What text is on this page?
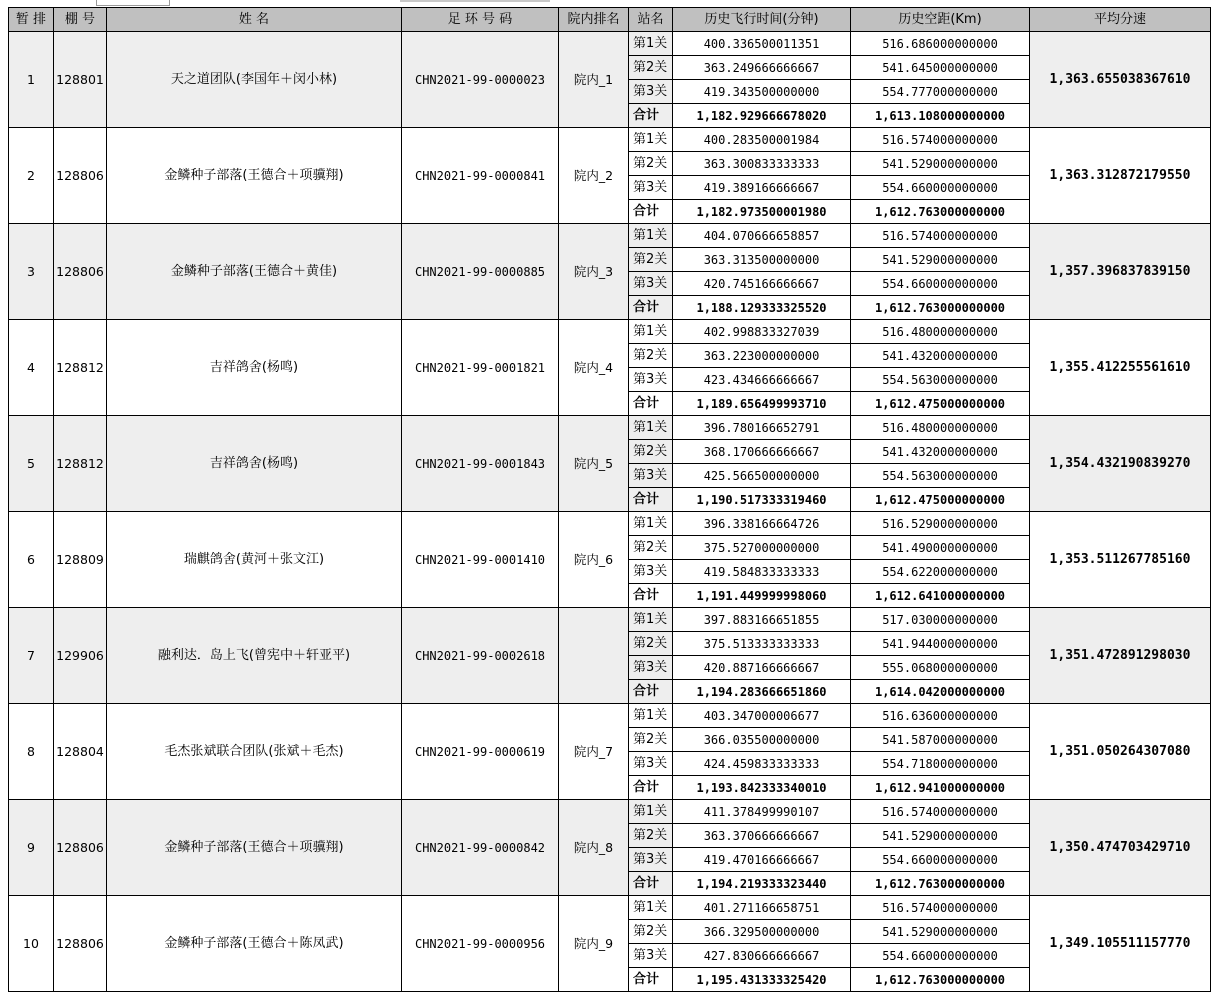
暂 排	棚 号	姓 名	足 环 号 码	院内排名	站名	历史飞行时间(分钟)	历史空距(Km)	平均分速
1	128801	天之道团队(李国年＋闵小林)	CHN2021-99-0000023	院内_1	第1关	400.336500011351	516.686000000000	1,363.655038367610
					第2关	363.249666666667	541.645000000000	
					第3关	419.343500000000	554.777000000000	
					合计	1,182.929666678020	1,613.108000000000	
2	128806	金鳞种子部落(王德合＋项骥翔)	CHN2021-99-0000841	院内_2	第1关	400.283500001984	516.574000000000	1,363.312872179550
					第2关	363.300833333333	541.529000000000	
					第3关	419.389166666667	554.660000000000	
					合计	1,182.973500001980	1,612.763000000000	
3	128806	金鳞种子部落(王德合＋黄佳)	CHN2021-99-0000885	院内_3	第1关	404.070666658857	516.574000000000	1,357.396837839150
					第2关	363.313500000000	541.529000000000	
					第3关	420.745166666667	554.660000000000	
					合计	1,188.129333325520	1,612.763000000000	
4	128812	吉祥鸽舍(杨鸣)	CHN2021-99-0001821	院内_4	第1关	402.998833327039	516.480000000000	1,355.412255561610
					第2关	363.223000000000	541.432000000000	
					第3关	423.434666666667	554.563000000000	
					合计	1,189.656499993710	1,612.475000000000	
5	128812	吉祥鸽舍(杨鸣)	CHN2021-99-0001843	院内_5	第1关	396.780166652791	516.480000000000	1,354.432190839270
					第2关	368.170666666667	541.432000000000	
					第3关	425.566500000000	554.563000000000	
					合计	1,190.517333319460	1,612.475000000000	
6	128809	瑞麒鸽舍(黄河＋张文江)	CHN2021-99-0001410	院内_6	第1关	396.338166664726	516.529000000000	1,353.511267785160
					第2关	375.527000000000	541.490000000000	
					第3关	419.584833333333	554.622000000000	
					合计	1,191.449999998060	1,612.641000000000	
7	129906	融利达．岛上飞(曾宪中＋轩亚平)	CHN2021-99-0002618		第1关	397.883166651855	517.030000000000	1,351.472891298030
					第2关	375.513333333333	541.944000000000	
					第3关	420.887166666667	555.068000000000	
					合计	1,194.283666651860	1,614.042000000000	
8	128804	毛杰张斌联合团队(张斌＋毛杰)	CHN2021-99-0000619	院内_7	第1关	403.347000006677	516.636000000000	1,351.050264307080
					第2关	366.035500000000	541.587000000000	
					第3关	424.459833333333	554.718000000000	
					合计	1,193.842333340010	1,612.941000000000	
9	128806	金鳞种子部落(王德合＋项骥翔)	CHN2021-99-0000842	院内_8	第1关	411.378499990107	516.574000000000	1,350.474703429710
					第2关	363.370666666667	541.529000000000	
					第3关	419.470166666667	554.660000000000	
					合计	1,194.219333323440	1,612.763000000000	
10	128806	金鳞种子部落(王德合＋陈凤武)	CHN2021-99-0000956	院内_9	第1关	401.271166658751	516.574000000000	1,349.105511157770
					第2关	366.329500000000	541.529000000000	
					第3关	427.830666666667	554.660000000000	
					合计	1,195.431333325420	1,612.763000000000	
